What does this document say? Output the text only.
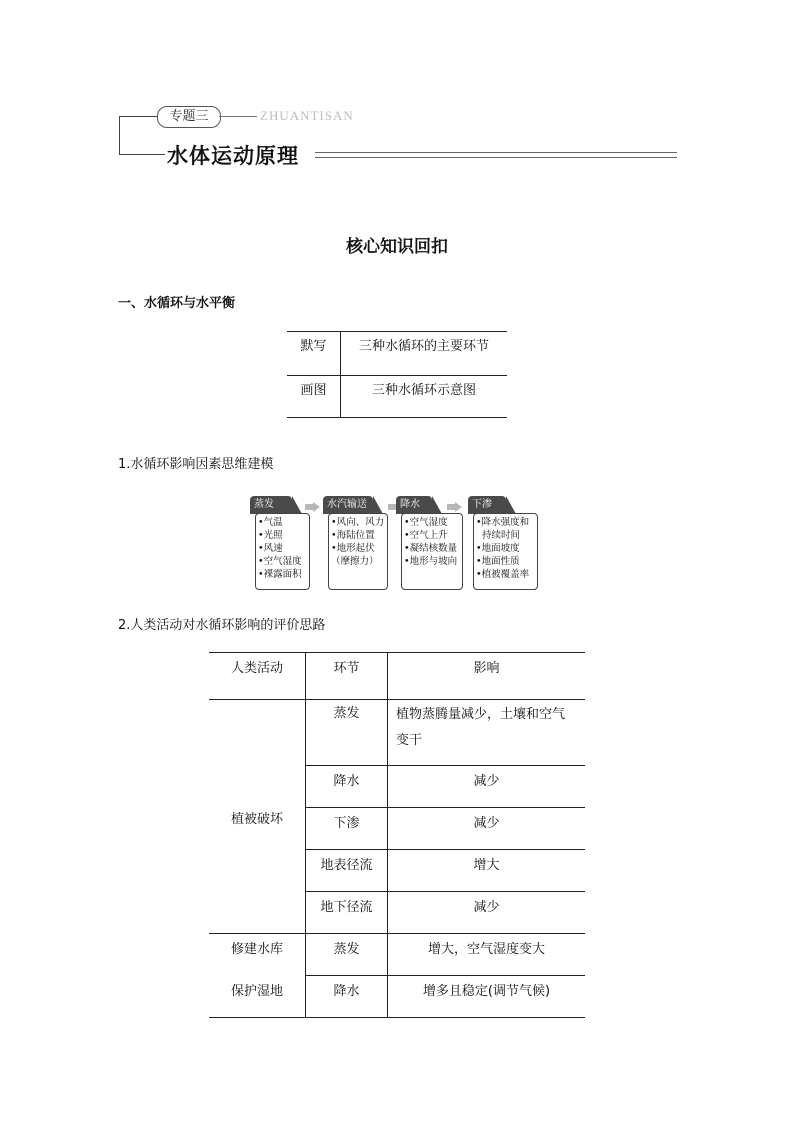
专题三	ZHUANTISAN
水体运动原理
核心知识回扣
一、水循环与水平衡
默写	三种水循环的主要环节
画图	三种水循环示意图
1.水循环影响因素思维建模
蒸发
•气温
•光照
•风速
•空气湿度
•裸露面积
水汽输送
•风向、风力
•海陆位置
•地形起伏
（摩擦力）
降水
•空气湿度
•空气上升
•凝结核数量
•地形与坡向
下渗
•降水强度和
持续时间
•地面坡度
•地面性质
•植被覆盖率
2.人类活动对水循环影响的评价思路
人类活动	环节	影响
植被破坏	蒸发	植物蒸腾量减少，土壤和空气
变干

	降水	减少
	下渗	减少
	地表径流	增大
	地下径流	减少
修建水库	蒸发	增大，空气湿度变大
保护湿地	降水	增多且稳定(调节气候)
